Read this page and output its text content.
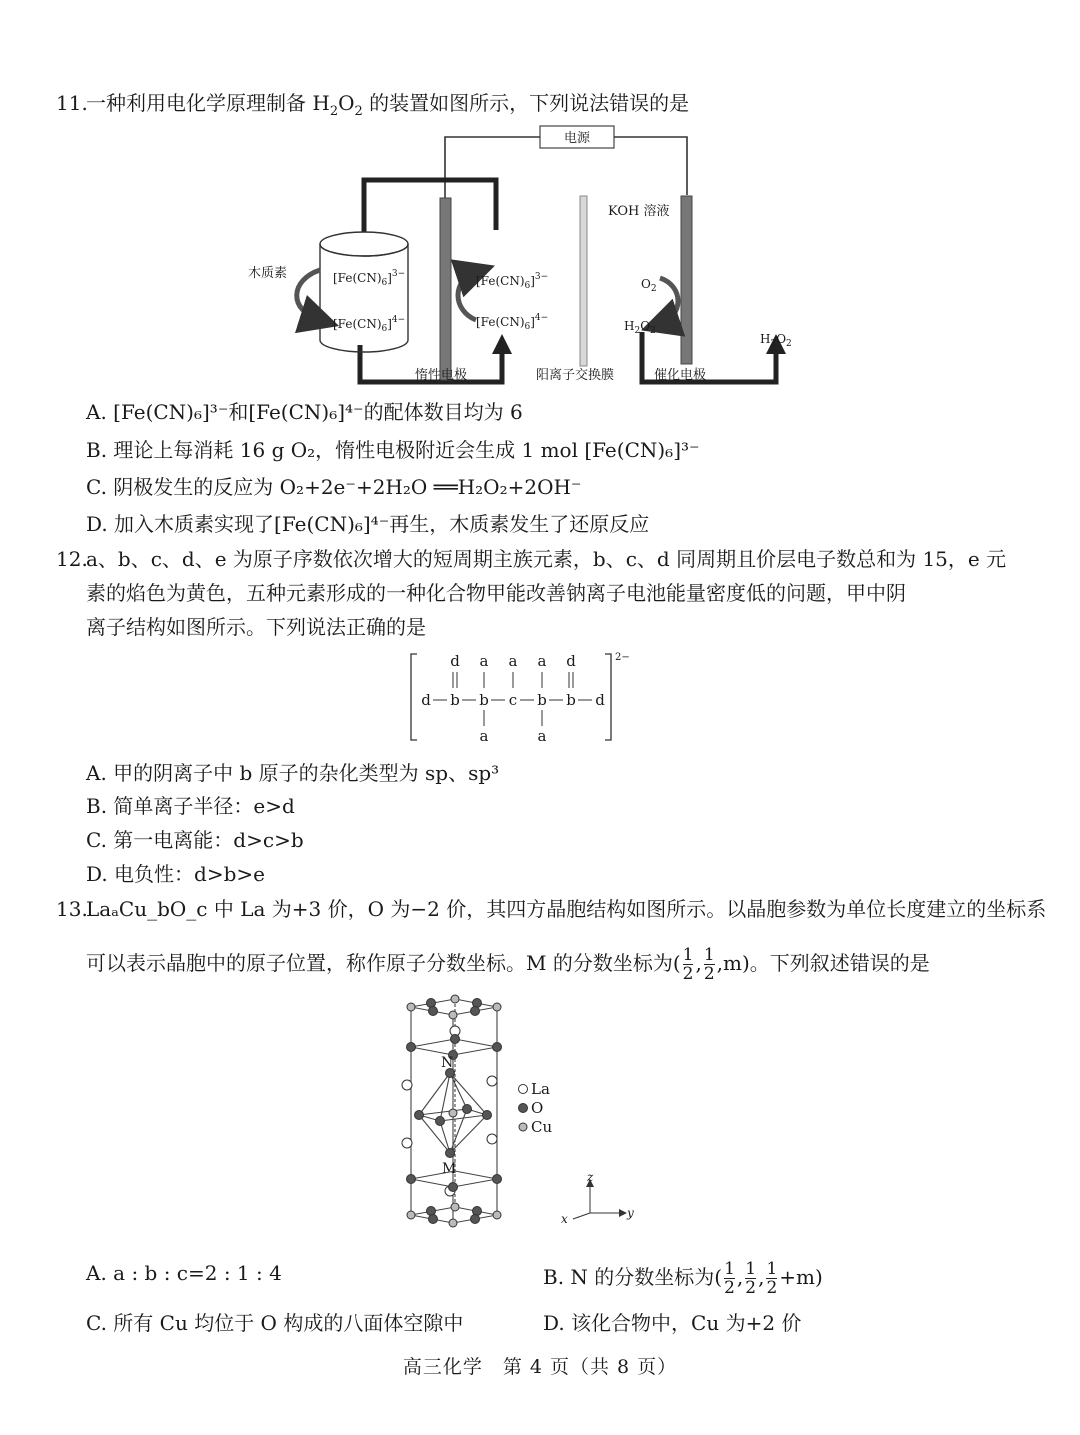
11.
一种利用电化学原理制备 $H_2O_2$ 的装置如图所示，下列说法错误的是
电源
木质素	$[Fe(CN)_6]^{3-}$
$[Fe(CN)_6]^{4-}$
$[Fe(CN)_6]^{3-}$
$[Fe(CN)_6]^{4-}$
惰性电极	阳离子交换膜
KOH 溶液
$O_2$
$H_2O_2$
催化电极
$H_2O_2$
A. [Fe(CN)₆]³⁻和[Fe(CN)₆]⁴⁻的配体数目均为 6
B. 理论上每消耗 16 g O₂，惰性电极附近会生成 1 mol [Fe(CN)₆]³⁻
C. 阴极发生的反应为 O₂+2e⁻+2H₂O ══H₂O₂+2OH⁻
D. 加入木质素实现了[Fe(CN)₆]⁴⁻再生，木质素发生了还原反应
12.
a、b、c、d、e 为原子序数依次增大的短周期主族元素，b、c、d 同周期且价层电子数总和为 15，e 元
素的焰色为黄色，五种元素形成的一种化合物甲能改善钠离子电池能量密度低的问题，甲中阴
离子结构如图所示。下列说法正确的是
2−
d a a a d
d b b c b b d
a	a
A. 甲的阴离子中 b 原子的杂化类型为 sp、sp³
B. 简单离子半径：e>d
C. 第一电离能：d>c>b
D. 电负性：d>b>e
13.
LaₐCu_bO_c 中 La 为+3 价，O 为−2 价，其四方晶胞结构如图所示。以晶胞参数为单位长度建立的坐标系
可以表示晶胞中的原子位置，称作原子分数坐标。M 的分数坐标为( $\frac{1}{2}$ , $\frac{1}{2} ,m$)。下列叙述错误的是
N
M
La
O
Cu
z
y
x
A. a : b : c=2 : 1 : 4	B. N 的分数坐标为( $\frac{1}{2}$ , $\frac{1}{2}$ , $\frac{1}{2} +m$)
C. 所有 Cu 均位于 O 构成的八面体空隙中	D. 该化合物中，Cu 为+2 价
高三化学　第 4 页（共 8 页）
